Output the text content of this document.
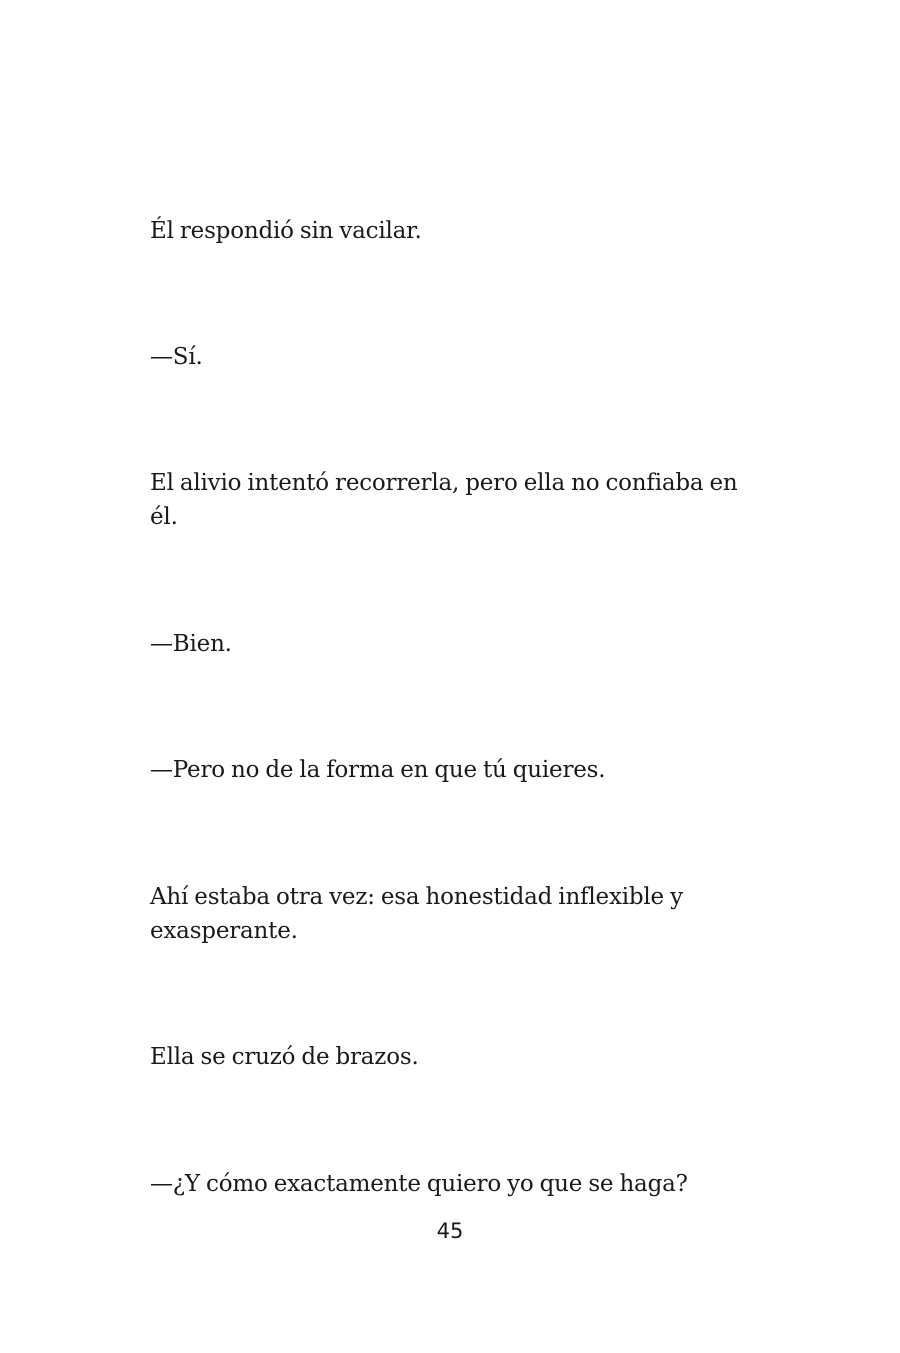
Él respondió sin vacilar.

—Sí.

El alivio intentó recorrerla, pero ella no confiaba en él.

—Bien.

—Pero no de la forma en que tú quieres.

Ahí estaba otra vez: esa honestidad inflexible y exasperante.

Ella se cruzó de brazos.

—¿Y cómo exactamente quiero yo que se haga?

45
